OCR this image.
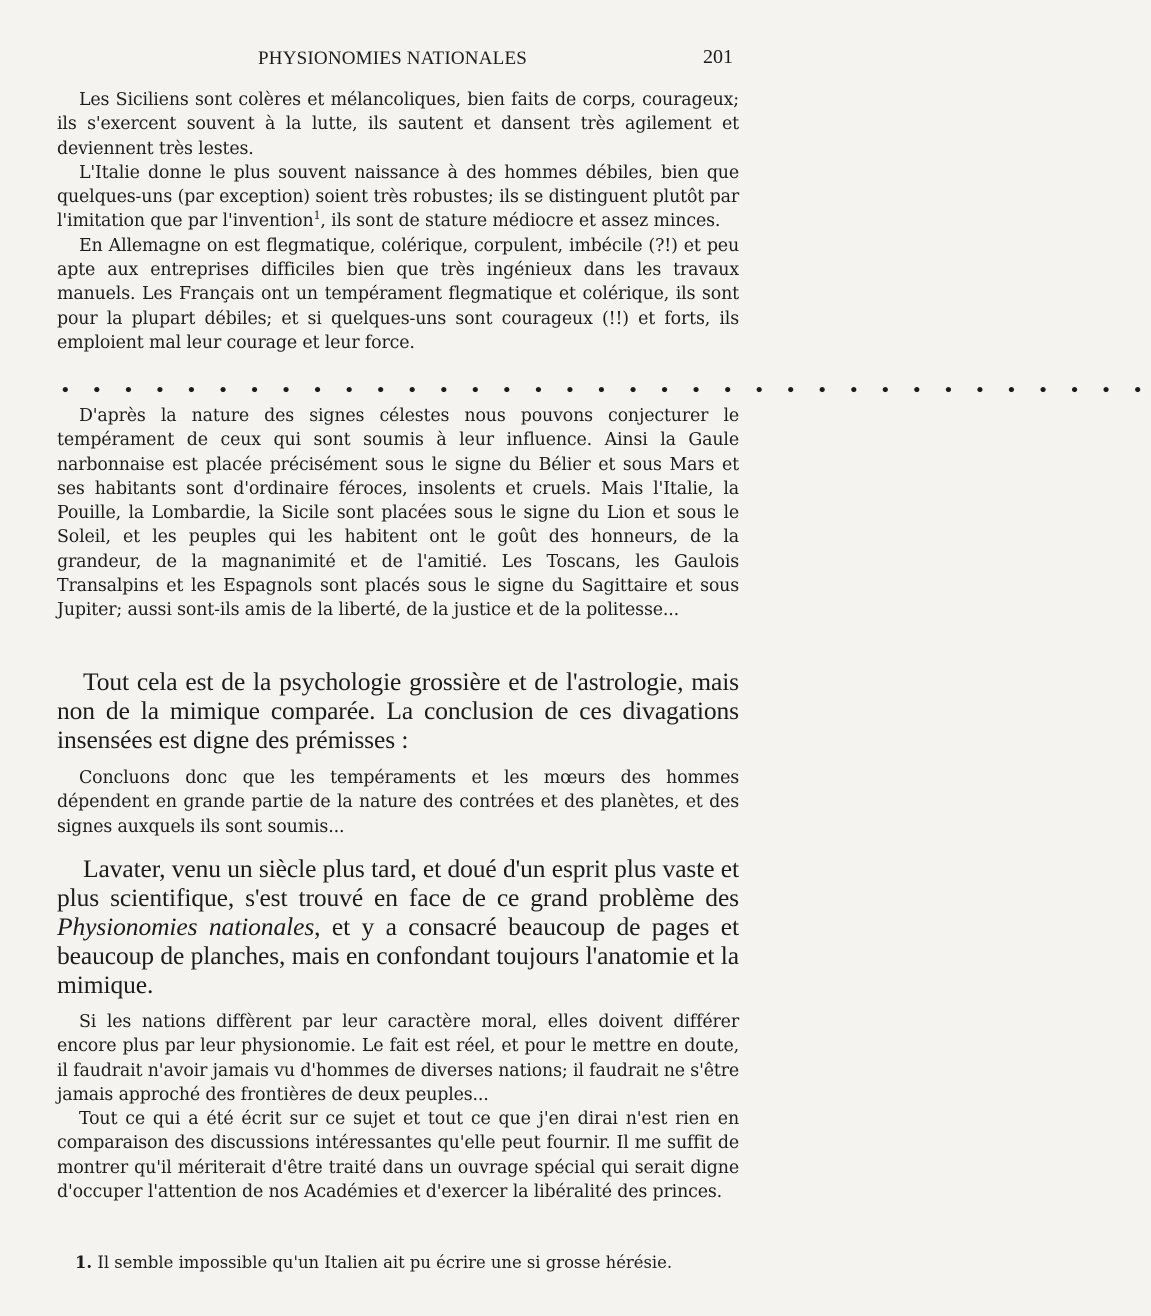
PHYSIONOMIES NATIONALES	201

Les Siciliens sont colères et mélancoliques, bien faits de corps, courageux; ils s'exercent souvent à la lutte, ils sautent et dansent très agilement et deviennent très lestes.

L'Italie donne le plus souvent naissance à des hommes débiles, bien que quelques-uns (par exception) soient très robustes; ils se distinguent plutôt par l'imitation que par l'invention$^1$, ils sont de stature médiocre et assez minces.

En Allemagne on est flegmatique, colérique, corpulent, imbécile (?!) et peu apte aux entreprises difficiles bien que très ingénieux dans les travaux manuels. Les Français ont un tempérament flegmatique et colérique, ils sont pour la plupart débiles; et si quelques-uns sont courageux (!!) et forts, ils emploient mal leur courage et leur force.

• • • • • • • • • • • • • • • • • • • • • • • • • • • • • • • • • • •

D'après la nature des signes célestes nous pouvons conjecturer le tempérament de ceux qui sont soumis à leur influence. Ainsi la Gaule narbonnaise est placée précisément sous le signe du Bélier et sous Mars et ses habitants sont d'ordinaire féroces, insolents et cruels. Mais l'Italie, la Pouille, la Lombardie, la Sicile sont placées sous le signe du Lion et sous le Soleil, et les peuples qui les habitent ont le goût des honneurs, de la grandeur, de la magnanimité et de l'amitié. Les Toscans, les Gaulois Transalpins et les Espagnols sont placés sous le signe du Sagittaire et sous Jupiter; aussi sont-ils amis de la liberté, de la justice et de la politesse...

Tout cela est de la psychologie grossière et de l'astrologie, mais non de la mimique comparée. La conclusion de ces divagations insensées est digne des prémisses :

Concluons donc que les tempéraments et les mœurs des hommes dépendent en grande partie de la nature des contrées et des planètes, et des signes auxquels ils sont soumis...

Lavater, venu un siècle plus tard, et doué d'un esprit plus vaste et plus scientifique, s'est trouvé en face de ce grand problème des Physionomies nationales, et y a consacré beaucoup de pages et beaucoup de planches, mais en confondant toujours l'anatomie et la mimique.

Si les nations diffèrent par leur caractère moral, elles doivent différer encore plus par leur physionomie. Le fait est réel, et pour le mettre en doute, il faudrait n'avoir jamais vu d'hommes de diverses nations; il faudrait ne s'être jamais approché des frontières de deux peuples...

Tout ce qui a été écrit sur ce sujet et tout ce que j'en dirai n'est rien en comparaison des discussions intéressantes qu'elle peut fournir. Il me suffit de montrer qu'il mériterait d'être traité dans un ouvrage spécial qui serait digne d'occuper l'attention de nos Académies et d'exercer la libéralité des princes.

1. Il semble impossible qu'un Italien ait pu écrire une si grosse hérésie.
